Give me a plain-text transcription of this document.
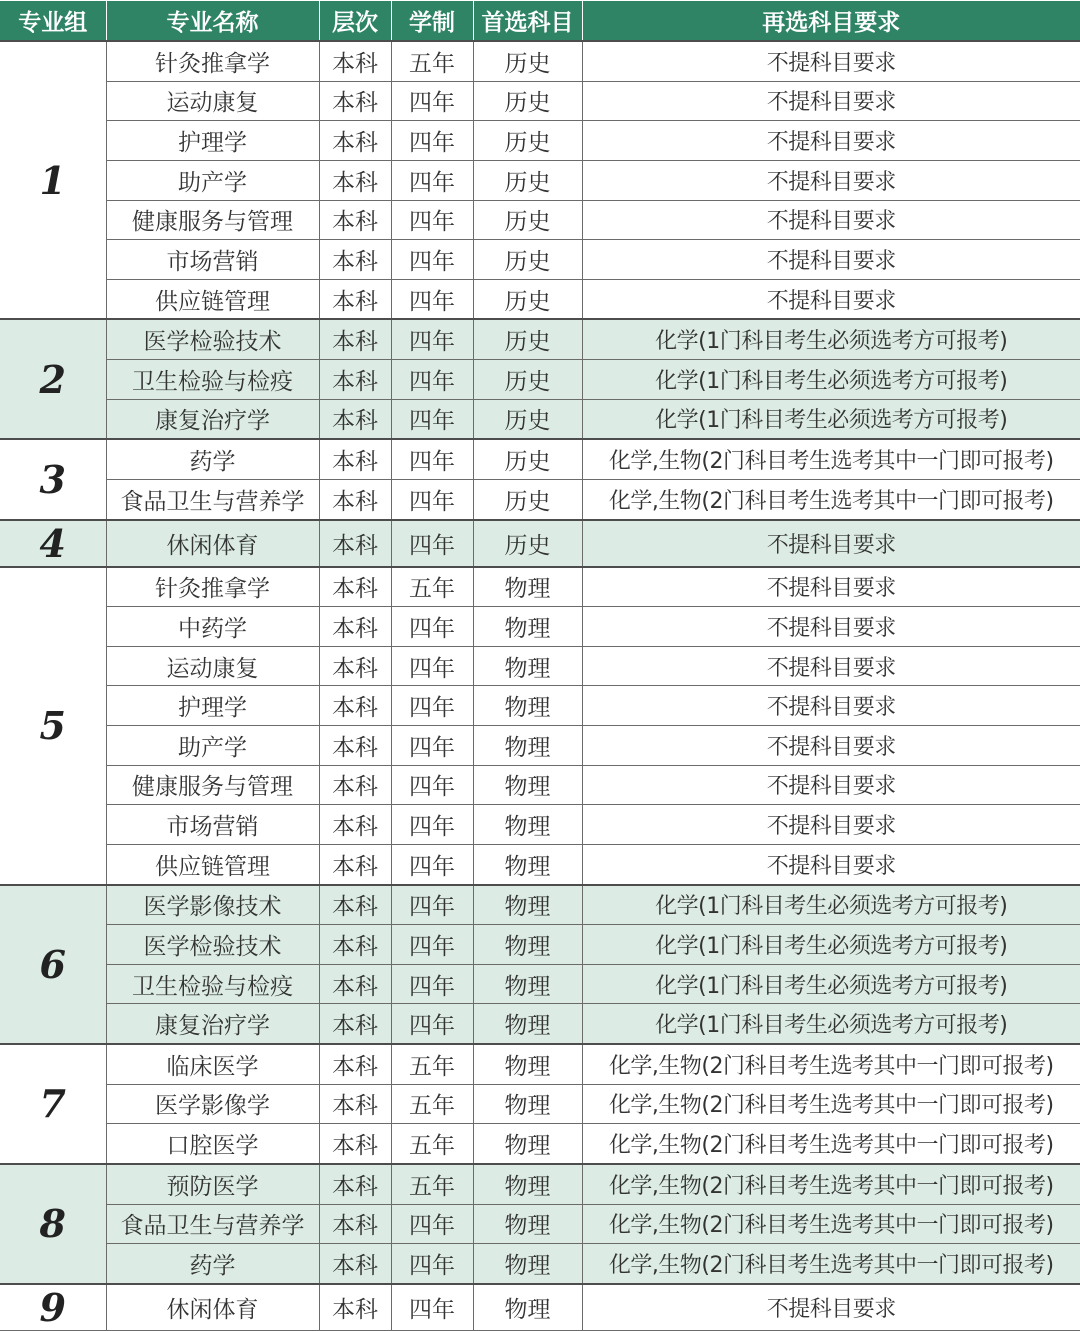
专业组	专业名称	层次	学制	首选科目	再选科目要求
1	针灸推拿学	本科	五年	历史	不提科目要求
	运动康复	本科	四年	历史	不提科目要求
	护理学	本科	四年	历史	不提科目要求
	助产学	本科	四年	历史	不提科目要求
	健康服务与管理	本科	四年	历史	不提科目要求
	市场营销	本科	四年	历史	不提科目要求
	供应链管理	本科	四年	历史	不提科目要求
2	医学检验技术	本科	四年	历史	化学(1门科目考生必须选考方可报考)
	卫生检验与检疫	本科	四年	历史	化学(1门科目考生必须选考方可报考)
	康复治疗学	本科	四年	历史	化学(1门科目考生必须选考方可报考)
3	药学	本科	四年	历史	化学,生物(2门科目考生选考其中一门即可报考)
	食品卫生与营养学	本科	四年	历史	化学,生物(2门科目考生选考其中一门即可报考)
4	休闲体育	本科	四年	历史	不提科目要求
5	针灸推拿学	本科	五年	物理	不提科目要求
	中药学	本科	四年	物理	不提科目要求
	运动康复	本科	四年	物理	不提科目要求
	护理学	本科	四年	物理	不提科目要求
	助产学	本科	四年	物理	不提科目要求
	健康服务与管理	本科	四年	物理	不提科目要求
	市场营销	本科	四年	物理	不提科目要求
	供应链管理	本科	四年	物理	不提科目要求
6	医学影像技术	本科	四年	物理	化学(1门科目考生必须选考方可报考)
	医学检验技术	本科	四年	物理	化学(1门科目考生必须选考方可报考)
	卫生检验与检疫	本科	四年	物理	化学(1门科目考生必须选考方可报考)
	康复治疗学	本科	四年	物理	化学(1门科目考生必须选考方可报考)
7	临床医学	本科	五年	物理	化学,生物(2门科目考生选考其中一门即可报考)
	医学影像学	本科	五年	物理	化学,生物(2门科目考生选考其中一门即可报考)
	口腔医学	本科	五年	物理	化学,生物(2门科目考生选考其中一门即可报考)
8	预防医学	本科	五年	物理	化学,生物(2门科目考生选考其中一门即可报考)
	食品卫生与营养学	本科	四年	物理	化学,生物(2门科目考生选考其中一门即可报考)
	药学	本科	四年	物理	化学,生物(2门科目考生选考其中一门即可报考)
9	休闲体育	本科	四年	物理	不提科目要求
